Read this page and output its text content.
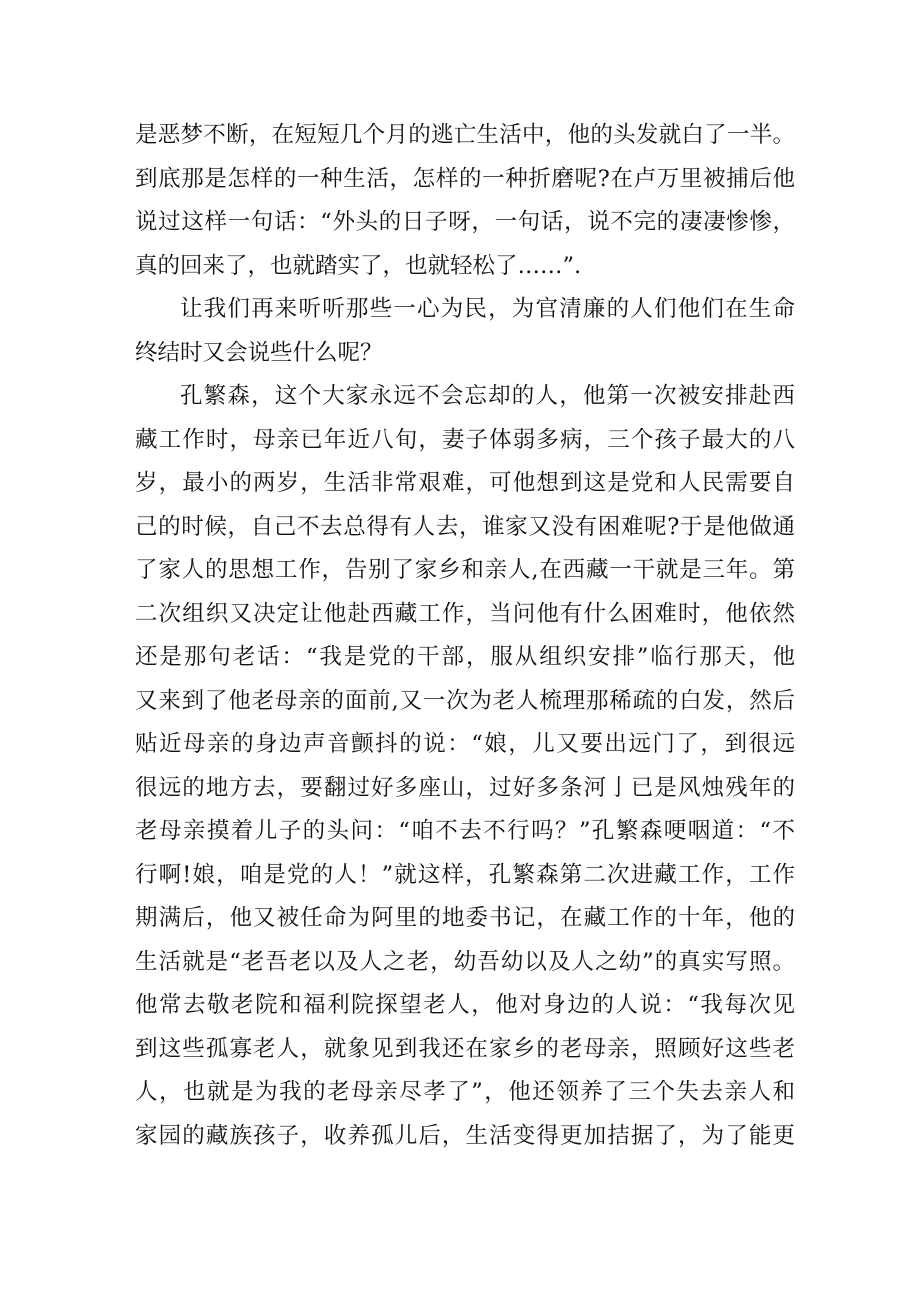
是恶梦不断，在短短几个月的逃亡生活中，他的头发就白了一半。
到底那是怎样的一种生活，怎样的一种折磨呢?在卢万里被捕后他
说过这样一句话：“外头的日子呀，一句话，说不完的凄凄惨惨，
真的回来了，也就踏实了，也就轻松了……”.
让我们再来听听那些一心为民，为官清廉的人们他们在生命
终结时又会说些什么呢？
孔繁森，这个大家永远不会忘却的人，他第一次被安排赴西
藏工作时，母亲已年近八旬，妻子体弱多病，三个孩子最大的八
岁，最小的两岁，生活非常艰难，可他想到这是党和人民需要自
己的时候，自己不去总得有人去，谁家又没有困难呢?于是他做通
了家人的思想工作，告别了家乡和亲人,在西藏一干就是三年。第
二次组织又决定让他赴西藏工作，当问他有什么困难时，他依然
还是那句老话：“我是党的干部，服从组织安排”临行那天，他
又来到了他老母亲的面前,又一次为老人梳理那稀疏的白发，然后
贴近母亲的身边声音颤抖的说：“娘，儿又要出远门了，到很远
很远的地方去，要翻过好多座山，过好多条河亅已是风烛残年的
老母亲摸着儿子的头问：“咱不去不行吗？”孔繁森哽咽道：“不
行啊!娘，咱是党的人！”就这样，孔繁森第二次进藏工作，工作
期满后，他又被任命为阿里的地委书记，在藏工作的十年，他的
生活就是“老吾老以及人之老，幼吾幼以及人之幼”的真实写照。
他常去敬老院和福利院探望老人，他对身边的人说：“我每次见
到这些孤寡老人，就象见到我还在家乡的老母亲，照顾好这些老
人，也就是为我的老母亲尽孝了”，他还领养了三个失去亲人和
家园的藏族孩子，收养孤儿后，生活变得更加拮据了，为了能更
